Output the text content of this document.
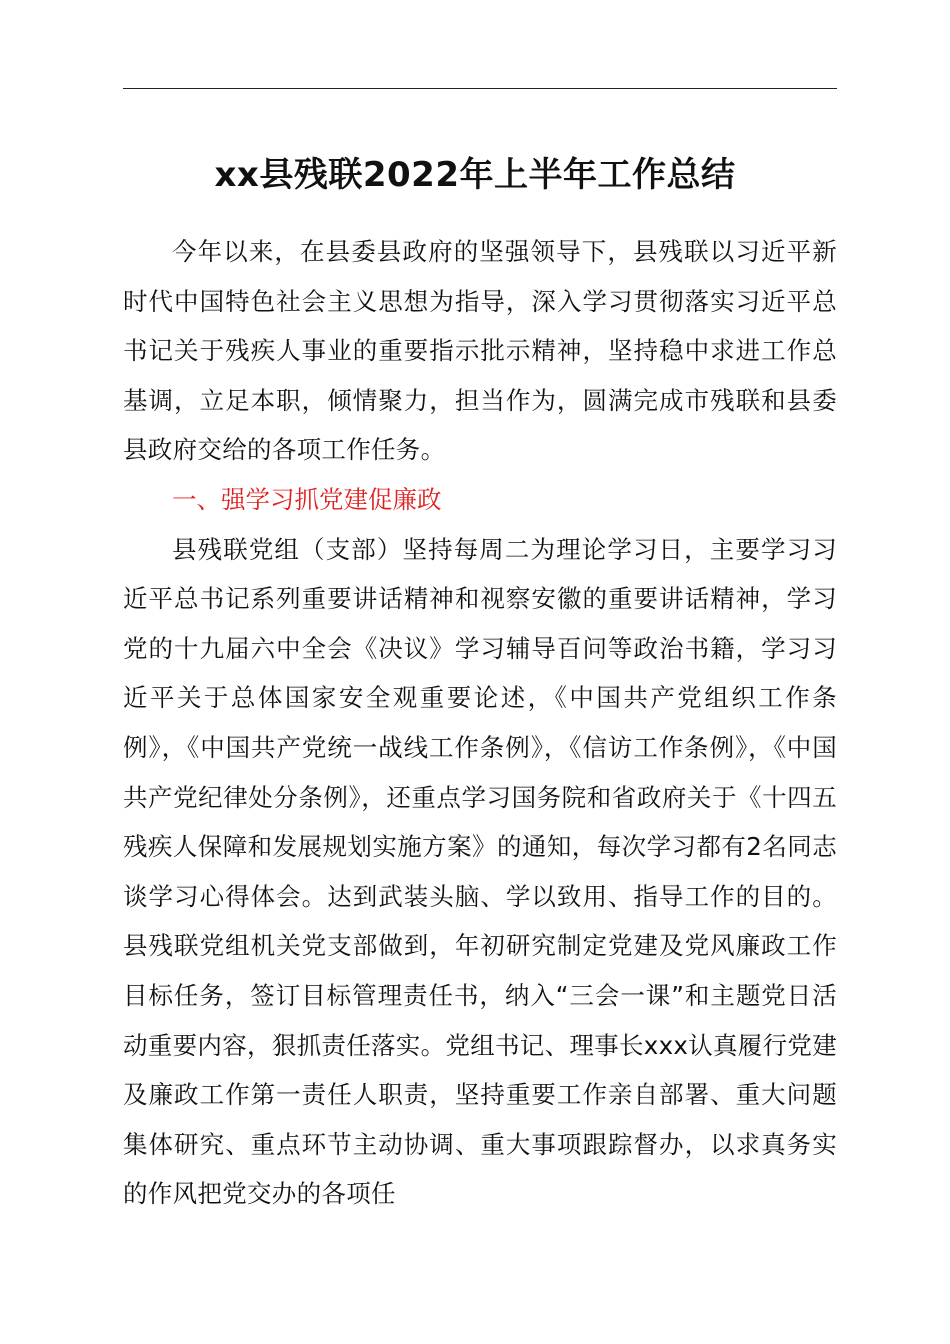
xx县残联2022年上半年工作总结

今年以来，在县委县政府的坚强领导下，县残联以习近平新时代中国特色社会主义思想为指导，深入学习贯彻落实习近平总书记关于残疾人事业的重要指示批示精神，坚持稳中求进工作总基调，立足本职，倾情聚力，担当作为，圆满完成市残联和县委县政府交给的各项工作任务。

一、强学习抓党建促廉政

县残联党组（支部）坚持每周二为理论学习日，主要学习习近平总书记系列重要讲话精神和视察安徽的重要讲话精神，学习党的十九届六中全会《决议》学习辅导百问等政治书籍，学习习近平关于总体国家安全观重要论述，《中国共产党组织工作条例》，《中国共产党统一战线工作条例》，《信访工作条例》，《中国共产党纪律处分条例》，还重点学习国务院和省政府关于《十四五残疾人保障和发展规划实施方案》的通知，每次学习都有2名同志谈学习心得体会。达到武装头脑、学以致用、指导工作的目的。县残联党组机关党支部做到，年初研究制定党建及党风廉政工作目标任务，签订目标管理责任书，纳入“三会一课”和主题党日活动重要内容，狠抓责任落实。党组书记、理事长xxx认真履行党建及廉政工作第一责任人职责，坚持重要工作亲自部署、重大问题集体研究、重点环节主动协调、重大事项跟踪督办，以求真务实的作风把党交办的各项任
